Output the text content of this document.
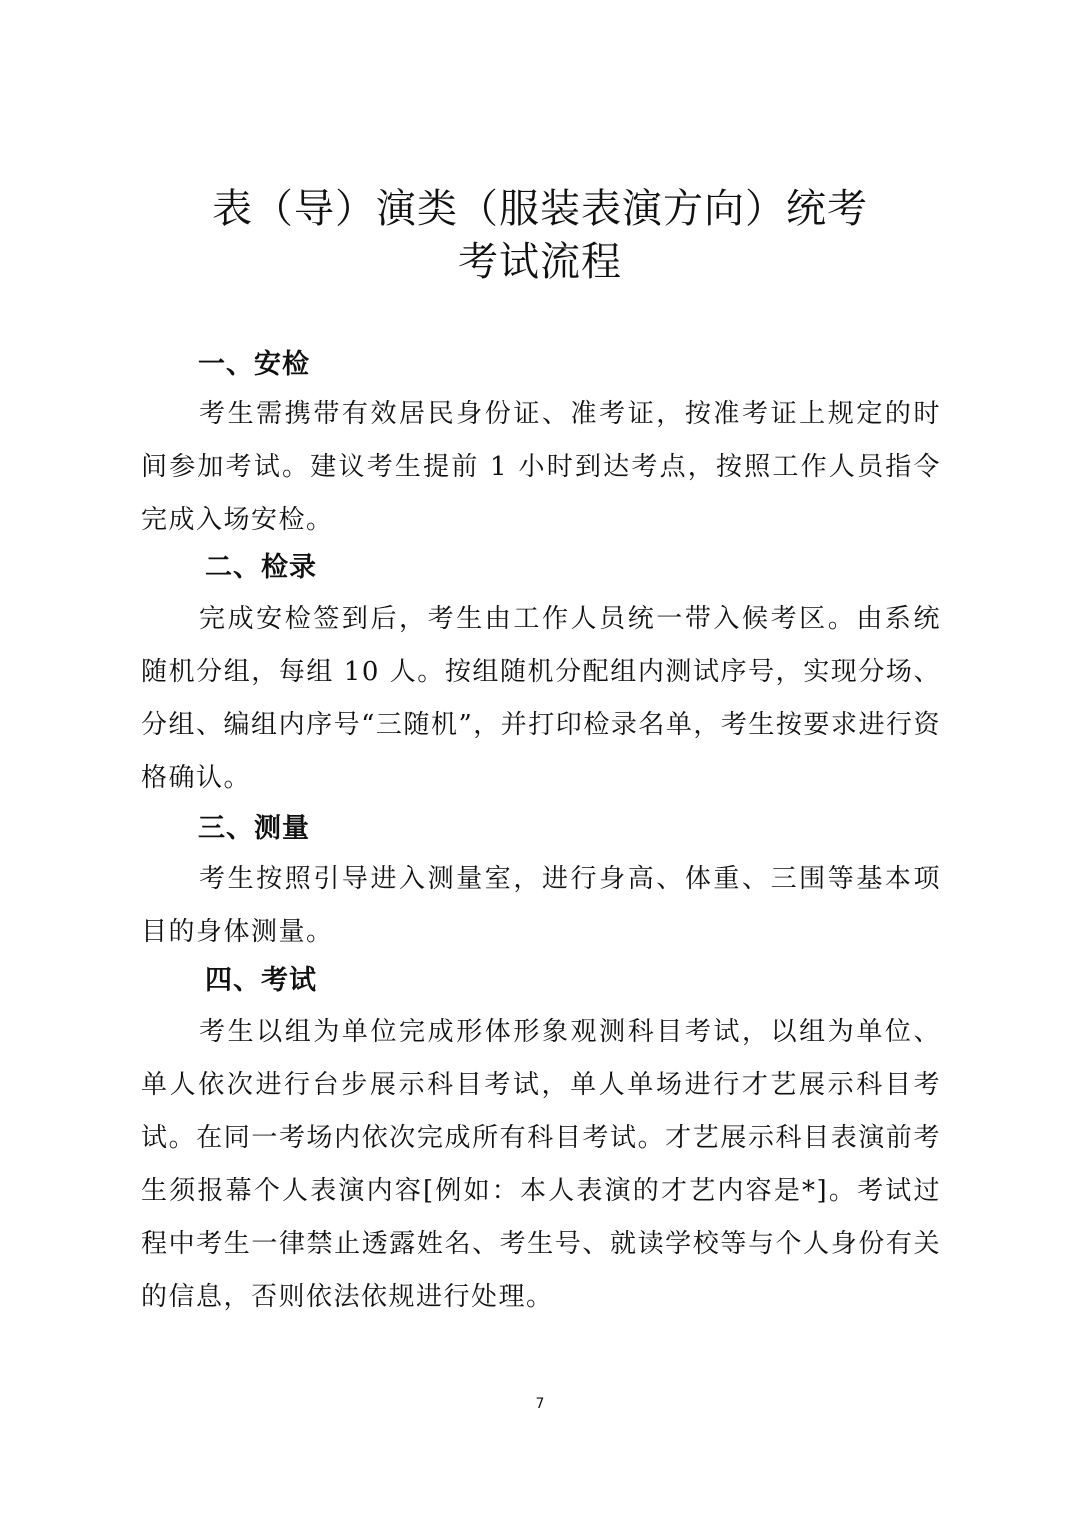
表（导）演类（服装表演方向）统考
考试流程
一、安检

考生需携带有效居民身份证、准考证，按准考证上规定的时间参加考试。建议考生提前 1 小时到达考点，按照工作人员指令完成入场安检。

二、检录

完成安检签到后，考生由工作人员统一带入候考区。由系统随机分组，每组 10 人。按组随机分配组内测试序号，实现分场、分组、编组内序号“三随机”，并打印检录名单，考生按要求进行资格确认。

三、测量

考生按照引导进入测量室，进行身高、体重、三围等基本项目的身体测量。

四、考试

考生以组为单位完成形体形象观测科目考试，以组为单位、单人依次进行台步展示科目考试，单人单场进行才艺展示科目考试。在同一考场内依次完成所有科目考试。才艺展示科目表演前考生须报幕个人表演内容[例如：本人表演的才艺内容是*]。考试过程中考生一律禁止透露姓名、考生号、就读学校等与个人身份有关的信息，否则依法依规进行处理。

7
